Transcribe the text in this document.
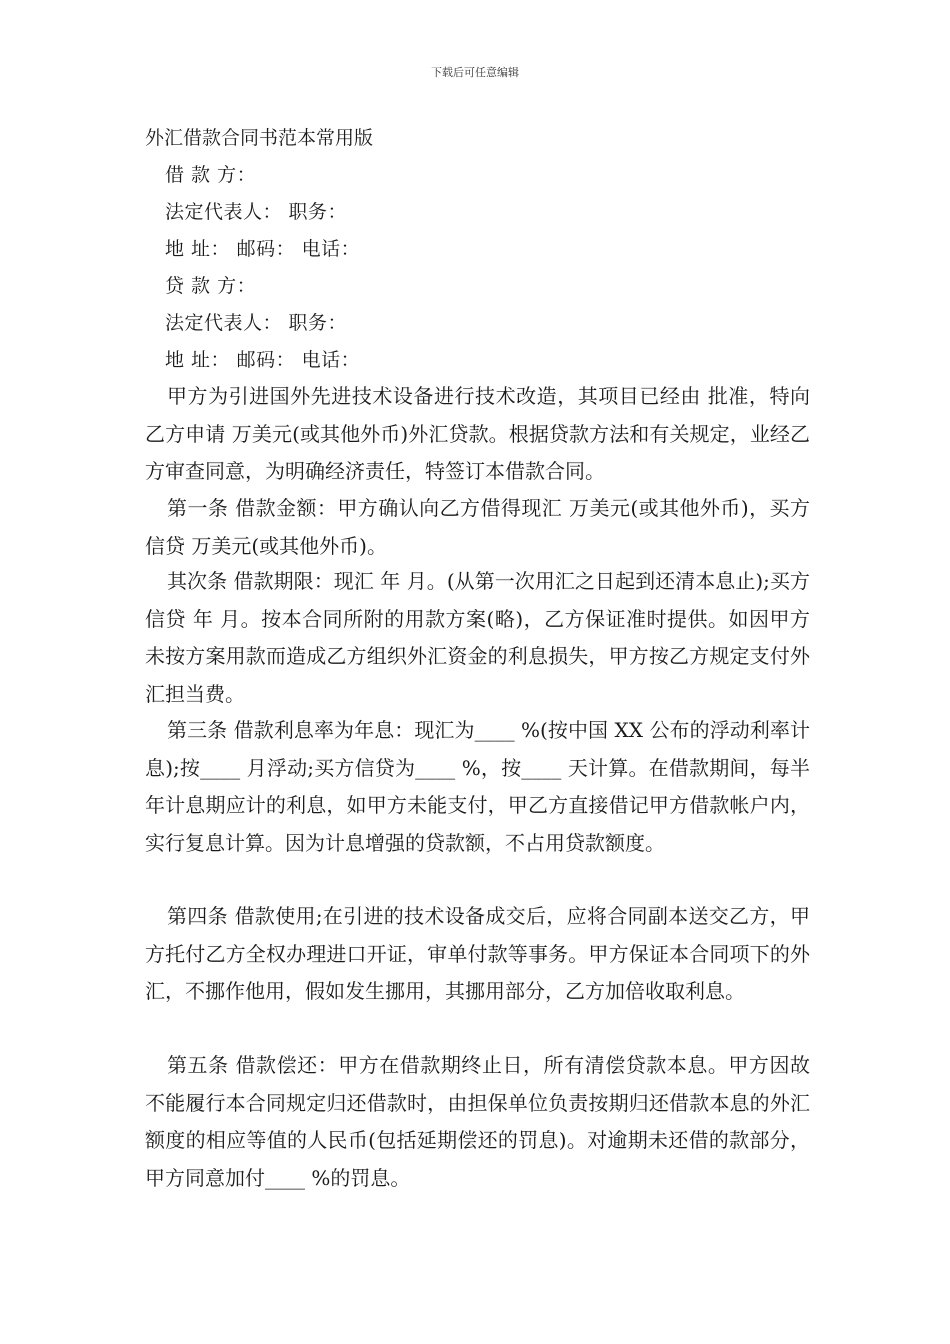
下载后可任意编辑
外汇借款合同书范本常用版
借 款 方：
法定代表人： 职务：
地 址： 邮码： 电话：
贷 款 方：
法定代表人： 职务：
地 址： 邮码： 电话：
甲方为引进国外先进技术设备进行技术改造，其项目已经由 批准，特向乙方申请 万美元(或其他外币)外汇贷款。根据贷款方法和有关规定，业经乙方审查同意，为明确经济责任，特签订本借款合同。
第一条 借款金额：甲方确认向乙方借得现汇 万美元(或其他外币)，买方信贷 万美元(或其他外币)。
其次条 借款期限：现汇 年 月。(从第一次用汇之日起到还清本息止);买方信贷 年 月。按本合同所附的用款方案(略)，乙方保证准时提供。如因甲方未按方案用款而造成乙方组织外汇资金的利息损失，甲方按乙方规定支付外汇担当费。
第三条 借款利息率为年息：现汇为____ %(按中国 XX 公布的浮动利率计息);按____ 月浮动;买方信贷为____ %，按____ 天计算。在借款期间，每半年计息期应计的利息，如甲方未能支付，甲乙方直接借记甲方借款帐户内，实行复息计算。因为计息增强的贷款额，不占用贷款额度。
第四条 借款使用;在引进的技术设备成交后，应将合同副本送交乙方，甲方托付乙方全权办理进口开证，审单付款等事务。甲方保证本合同项下的外汇，不挪作他用，假如发生挪用，其挪用部分，乙方加倍收取利息。
第五条 借款偿还：甲方在借款期终止日，所有清偿贷款本息。甲方因故不能履行本合同规定归还借款时，由担保单位负责按期归还借款本息的外汇额度的相应等值的人民币(包括延期偿还的罚息)。对逾期未还借的款部分，甲方同意加付____ %的罚息。
